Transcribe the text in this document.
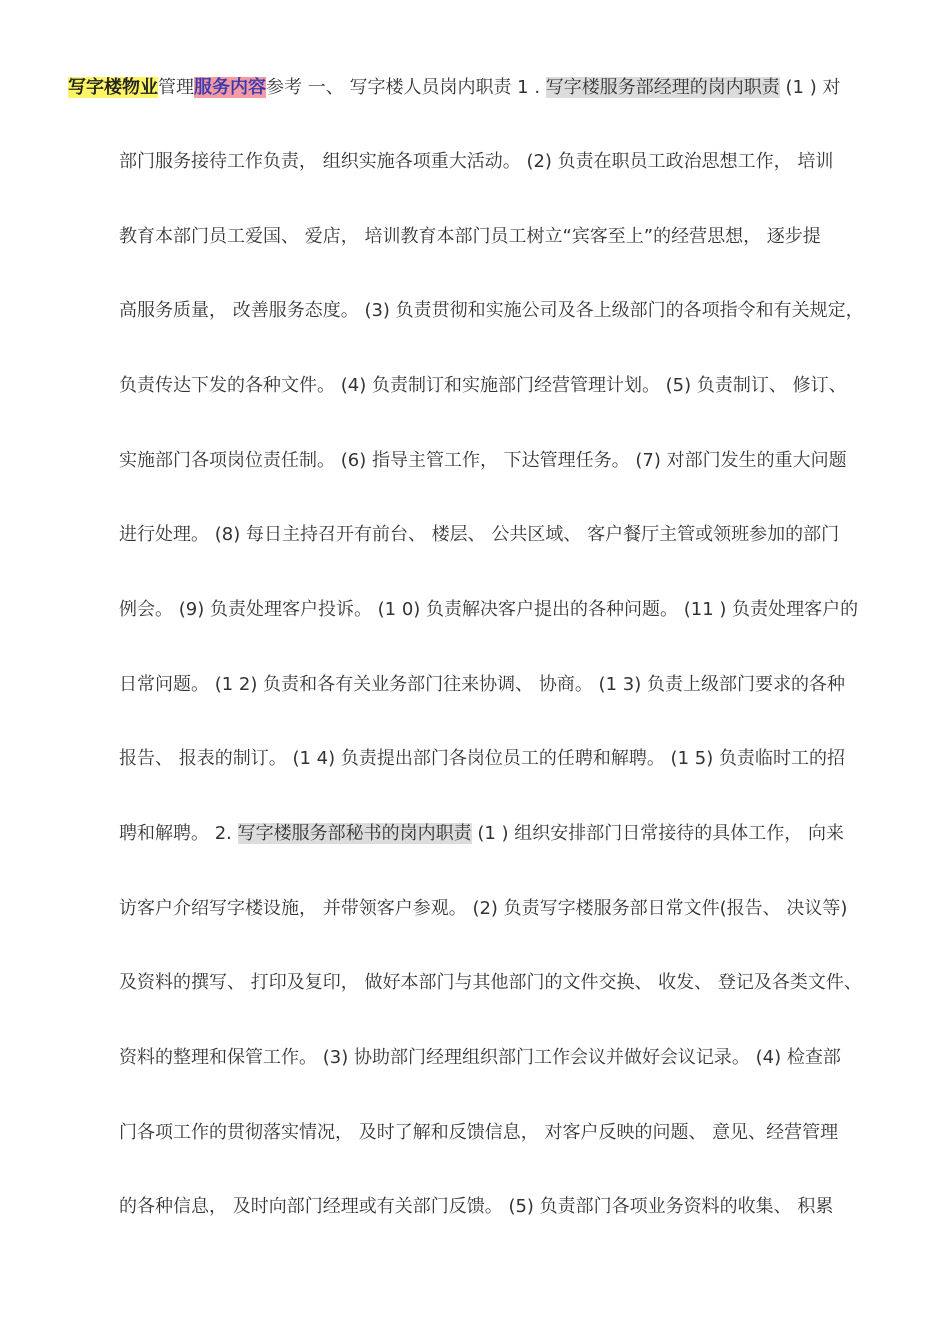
写字楼物业管理服务内容参考 一、 写字楼人员岗内职责 1 . 写字楼服务部经理的岗内职责 (1 ) 对
部门服务接待工作负责， 组织实施各项重大活动。 (2) 负责在职员工政治思想工作， 培训
教育本部门员工爱国、 爱店， 培训教育本部门员工树立“宾客至上”的经营思想， 逐步提
高服务质量， 改善服务态度。 (3) 负责贯彻和实施公司及各上级部门的各项指令和有关规定，
负责传达下发的各种文件。 (4) 负责制订和实施部门经营管理计划。 (5) 负责制订、 修订、
实施部门各项岗位责任制。 (6) 指导主管工作， 下达管理任务。 (7) 对部门发生的重大问题
进行处理。 (8) 每日主持召开有前台、 楼层、 公共区域、 客户餐厅主管或领班参加的部门
例会。 (9) 负责处理客户投诉。 (1 0) 负责解决客户提出的各种问题。 (11 ) 负责处理客户的
日常问题。 (1 2) 负责和各有关业务部门往来协调、 协商。 (1 3) 负责上级部门要求的各种
报告、 报表的制订。 (1 4) 负责提出部门各岗位员工的任聘和解聘。 (1 5) 负责临时工的招
聘和解聘。 2. 写字楼服务部秘书的岗内职责 (1 ) 组织安排部门日常接待的具体工作， 向来
访客户介绍写字楼设施， 并带领客户参观。 (2) 负责写字楼服务部日常文件(报告、 决议等)
及资料的撰写、 打印及复印， 做好本部门与其他部门的文件交换、 收发、 登记及各类文件、
资料的整理和保管工作。 (3) 协助部门经理组织部门工作会议并做好会议记录。 (4) 检查部
门各项工作的贯彻落实情况， 及时了解和反馈信息， 对客户反映的问题、 意见、经营管理
的各种信息， 及时向部门经理或有关部门反馈。 (5) 负责部门各项业务资料的收集、 积累
